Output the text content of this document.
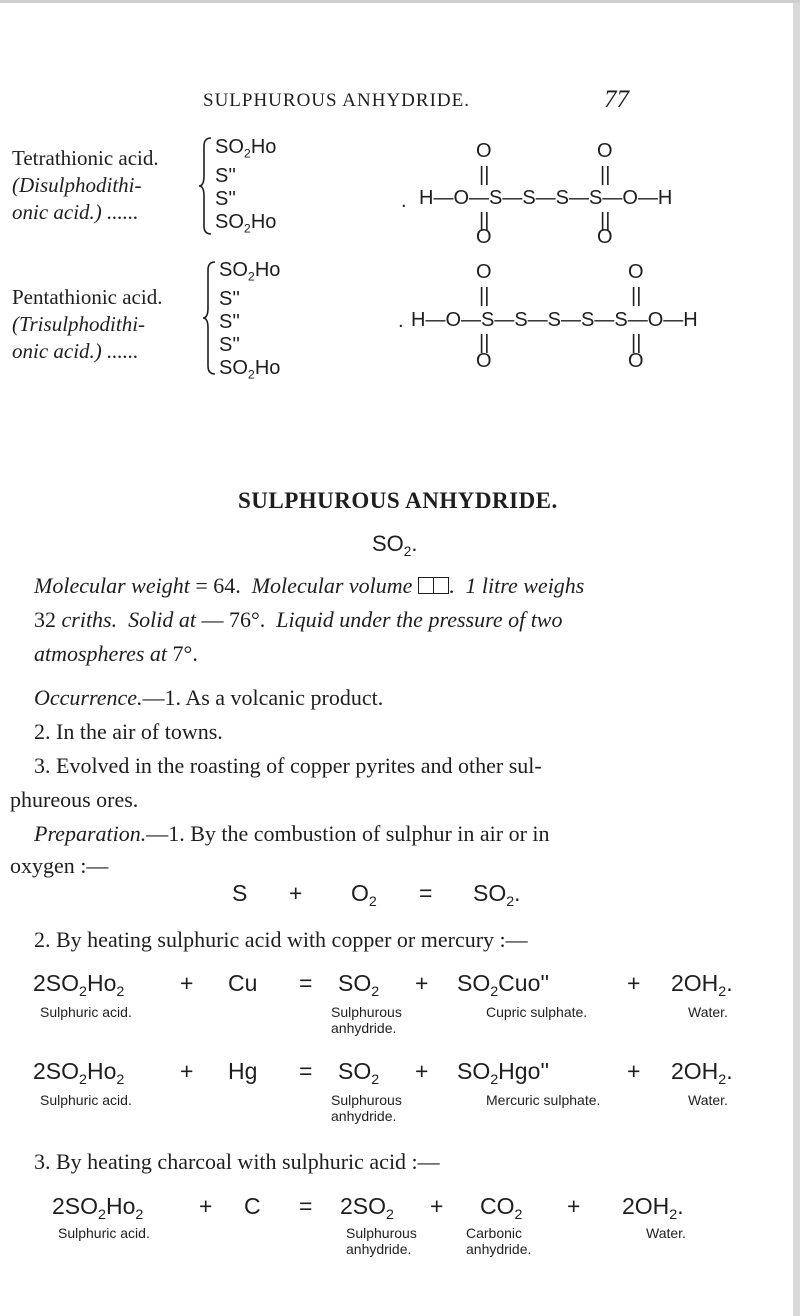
SULPHUROUS ANHYDRIDE.	77
Tetrathionic acid.
(Disulphodithi-
onic acid.) ......
$SO_2Ho$
S''
S''
$SO_2Ho$
.
O	O
||	||
H—O—S—S—S—S—O—H
||	||
O	O
Pentathionic acid.
(Trisulphodithi-
onic acid.) ......
$SO_2Ho$
S''
S''
S''
$SO_2Ho$
.
O	O
||	||
H—O—S—S—S—S—S—O—H
||	||
O	O
SULPHUROUS ANHYDRIDE.
$SO_2$.
Molecular weight = 64. Molecular volume .  1 litre weighs
32 criths. Solid at — 76°. Liquid under the pressure of two
atmospheres at 7°.
Occurrence.—1. As a volcanic product.
2. In the air of towns.
3. Evolved in the roasting of copper pyrites and other sul-
phureous ores.
Preparation.—1. By the combustion of sulphur in air or in
oxygen :—
$S + O_2 = SO_2$.
2. By heating sulphuric acid with copper or mercury :—
$2SO_2Ho_2 + Cu = SO_2 + SO_2Cuo''$	+ $2OH_2$.
Sulphuric acid.	Sulphurous anhydride.
Cupric sulphate.	Water.
$2SO_2Ho_2 + Hg = SO_2 + SO_2Hgo''$	+ $2OH_2$.
Sulphuric acid.	Sulphurous anhydride.
Mercuric sulphate.	Water.
3. By heating charcoal with sulphuric acid :—
$2SO_2Ho_2 + C = 2SO_2 + CO_2 + 2OH_2$.
Sulphuric acid.	Sulphurous anhydride.
Carbonic anhydride.
Water.
